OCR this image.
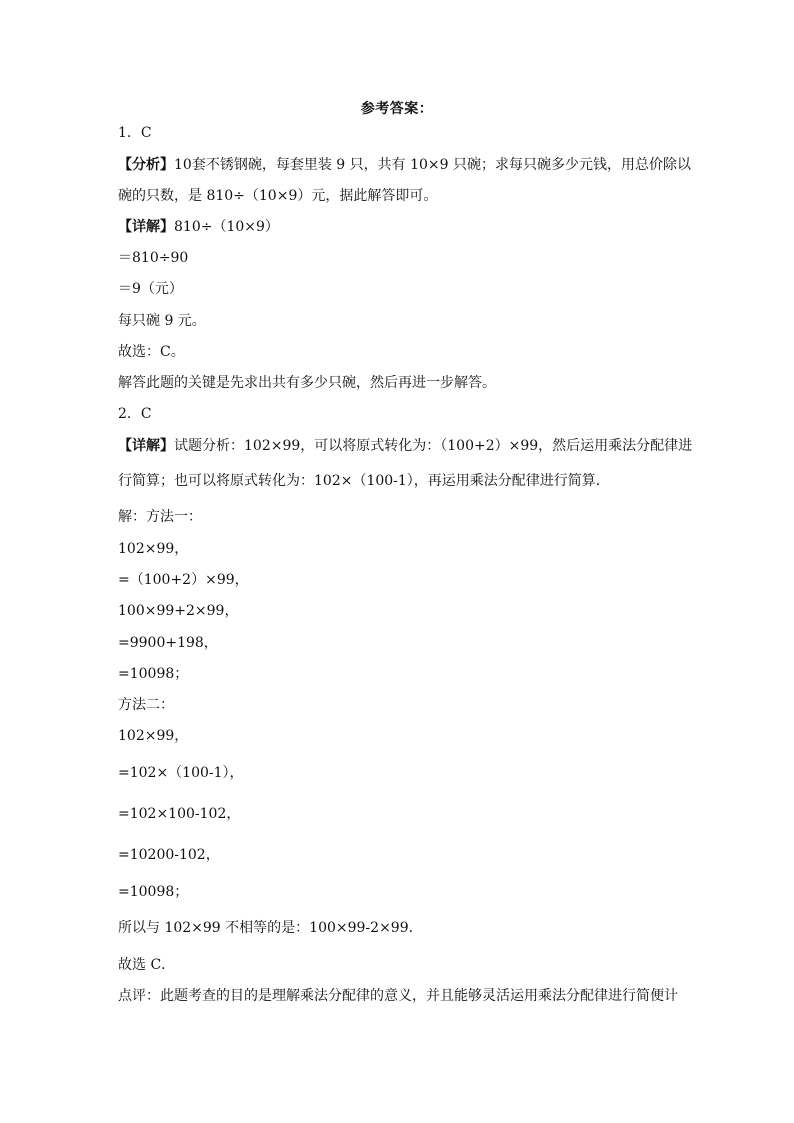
参考答案：
1．C
【分析】10套不锈钢碗，每套里装 9 只，共有 10×9 只碗；求每只碗多少元钱，用总价除以
碗的只数，是 810÷（10×9）元，据此解答即可。
【详解】810÷（10×9）
＝810÷90
＝9（元）
每只碗 9 元。
故选：C。
解答此题的关键是先求出共有多少只碗，然后再进一步解答。
2．C
【详解】试题分析：102×99，可以将原式转化为：（100+2）×99，然后运用乘法分配律进
行简算；也可以将原式转化为：102×（100-1），再运用乘法分配律进行简算．
解：方法一：
102×99，
=（100+2）×99，
100×99+2×99，
=9900+198，
=10098；
方法二：
102×99，
=102×（100-1），
=102×100-102，
=10200-102，
=10098；
所以与 102×99 不相等的是：100×99-2×99．
故选 C．
点评：此题考查的目的是理解乘法分配律的意义，并且能够灵活运用乘法分配律进行简便计
